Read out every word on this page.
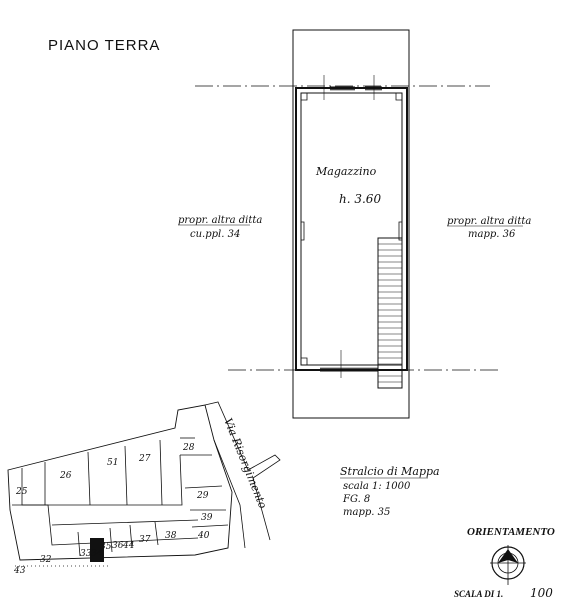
PIANO TERRA
Magazzino
h. 3.60
propr. altra ditta
cu.ppl. 34
propr. altra ditta
mapp. 36
Stralcio di Mappa
scala 1: 1000
FG. 8
mapp. 35
25
26
51 27
28
29
39
40
38
37
44
36
35
34
33
32
43
Via Risorgimento
ORIENTAMENTO
SCALA DI 1. 100
